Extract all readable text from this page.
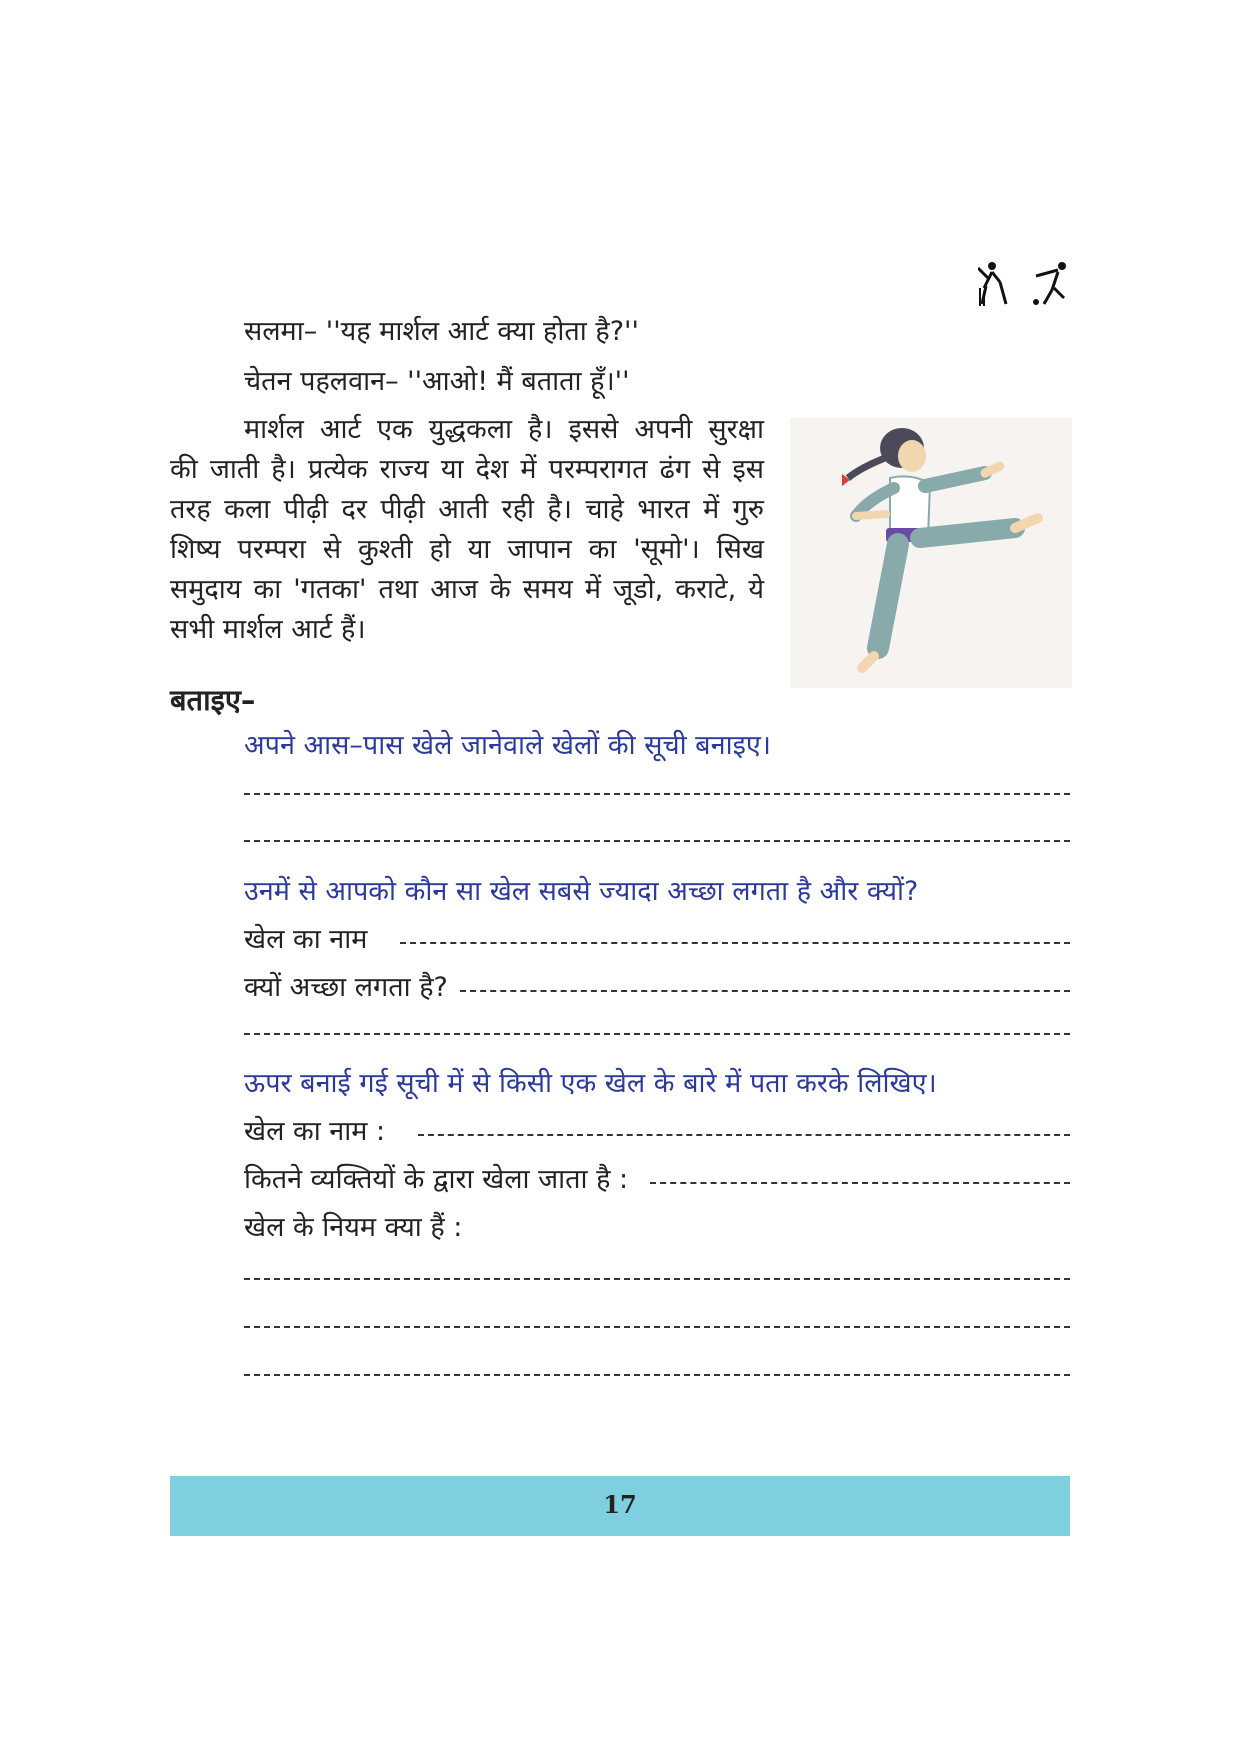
सलमा– ''यह मार्शल आर्ट क्या होता है?''
चेतन पहलवान– ''आओ! मैं बताता हूँ।''
मार्शल आर्ट एक युद्धकला है। इससे अपनी सुरक्षा
की जाती है। प्रत्येक राज्य या देश में परम्परागत ढंग से इस
तरह कला पीढ़ी दर पीढ़ी आती रही है। चाहे भारत में गुरु
शिष्य परम्परा से कुश्ती हो या जापान का 'सूमो'। सिख
समुदाय का 'गतका' तथा आज के समय में जूडो, कराटे, ये
सभी मार्शल आर्ट हैं।
बताइए–
अपने आस–पास खेले जानेवाले खेलों की सूची बनाइए।
उनमें से आपको कौन सा खेल सबसे ज्यादा अच्छा लगता है और क्यों?
खेल का नाम
क्यों अच्छा लगता है?
ऊपर बनाई गई सूची में से किसी एक खेल के बारे में पता करके लिखिए।
खेल का नाम :
कितने व्यक्तियों के द्वारा खेला जाता है :
खेल के नियम क्या हैं :
17
